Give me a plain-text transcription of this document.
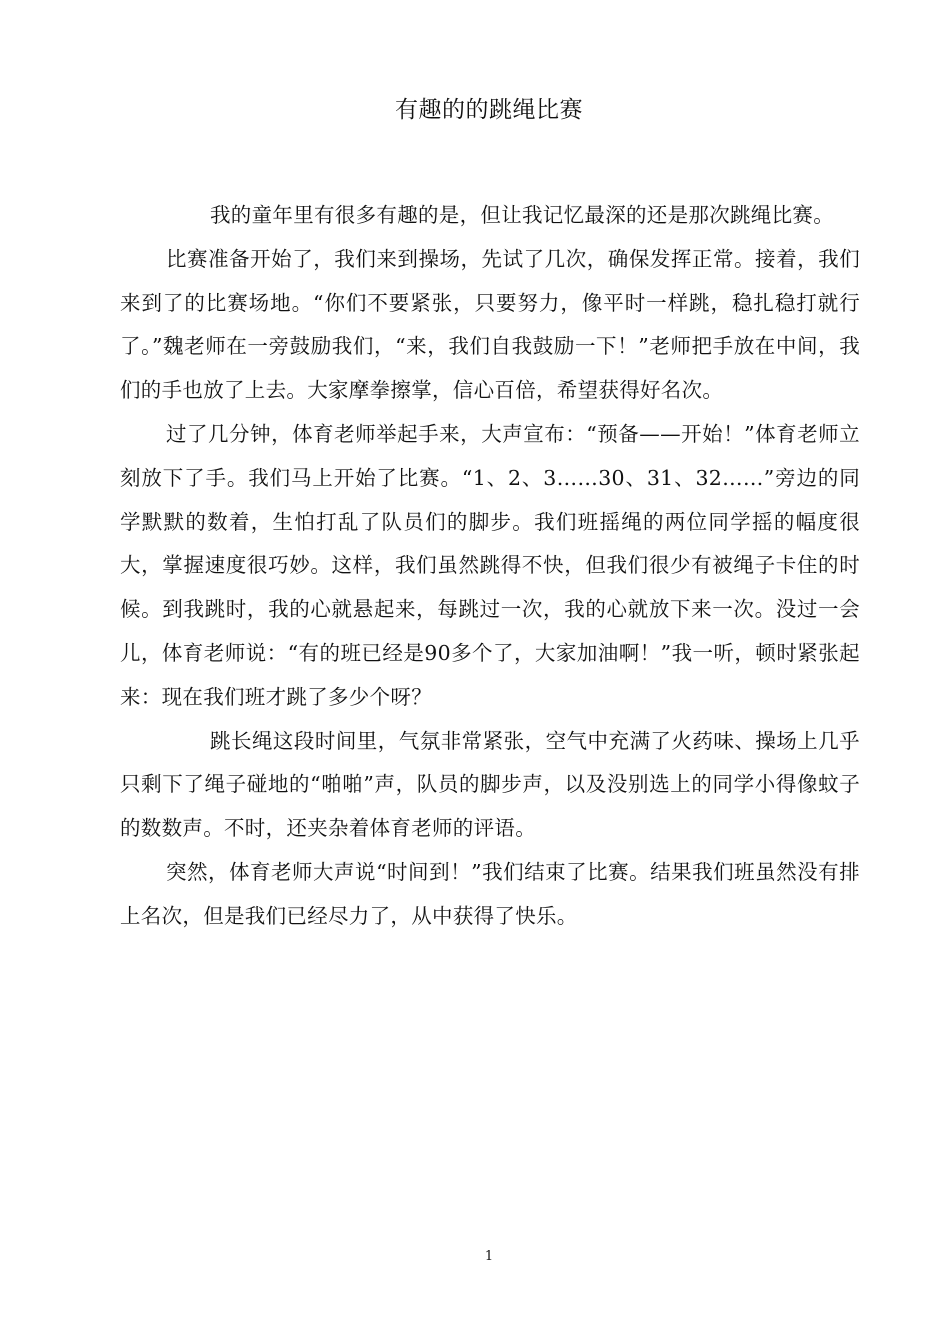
有趣的的跳绳比赛

我的童年里有很多有趣的是，但让我记忆最深的还是那次跳绳比赛。

比赛准备开始了，我们来到操场，先试了几次，确保发挥正常。接着，我们来到了的比赛场地。“你们不要紧张，只要努力，像平时一样跳，稳扎稳打就行了。”魏老师在一旁鼓励我们，“来，我们自我鼓励一下！”老师把手放在中间，我们的手也放了上去。大家摩拳擦掌，信心百倍，希望获得好名次。

过了几分钟，体育老师举起手来，大声宣布：“预备——开始！”体育老师立刻放下了手。我们马上开始了比赛。“1、2、3……30、31、32……”旁边的同学默默的数着，生怕打乱了队员们的脚步。我们班摇绳的两位同学摇的幅度很大，掌握速度很巧妙。这样，我们虽然跳得不快，但我们很少有被绳子卡住的时候。到我跳时，我的心就悬起来，每跳过一次，我的心就放下来一次。没过一会儿，体育老师说：“有的班已经是90多个了，大家加油啊！”我一听，顿时紧张起来：现在我们班才跳了多少个呀？

跳长绳这段时间里，气氛非常紧张，空气中充满了火药味、操场上几乎只剩下了绳子碰地的“啪啪”声，队员的脚步声，以及没别选上的同学小得像蚊子的数数声。不时，还夹杂着体育老师的评语。

突然，体育老师大声说“时间到！”我们结束了比赛。结果我们班虽然没有排上名次，但是我们已经尽力了，从中获得了快乐。

1
